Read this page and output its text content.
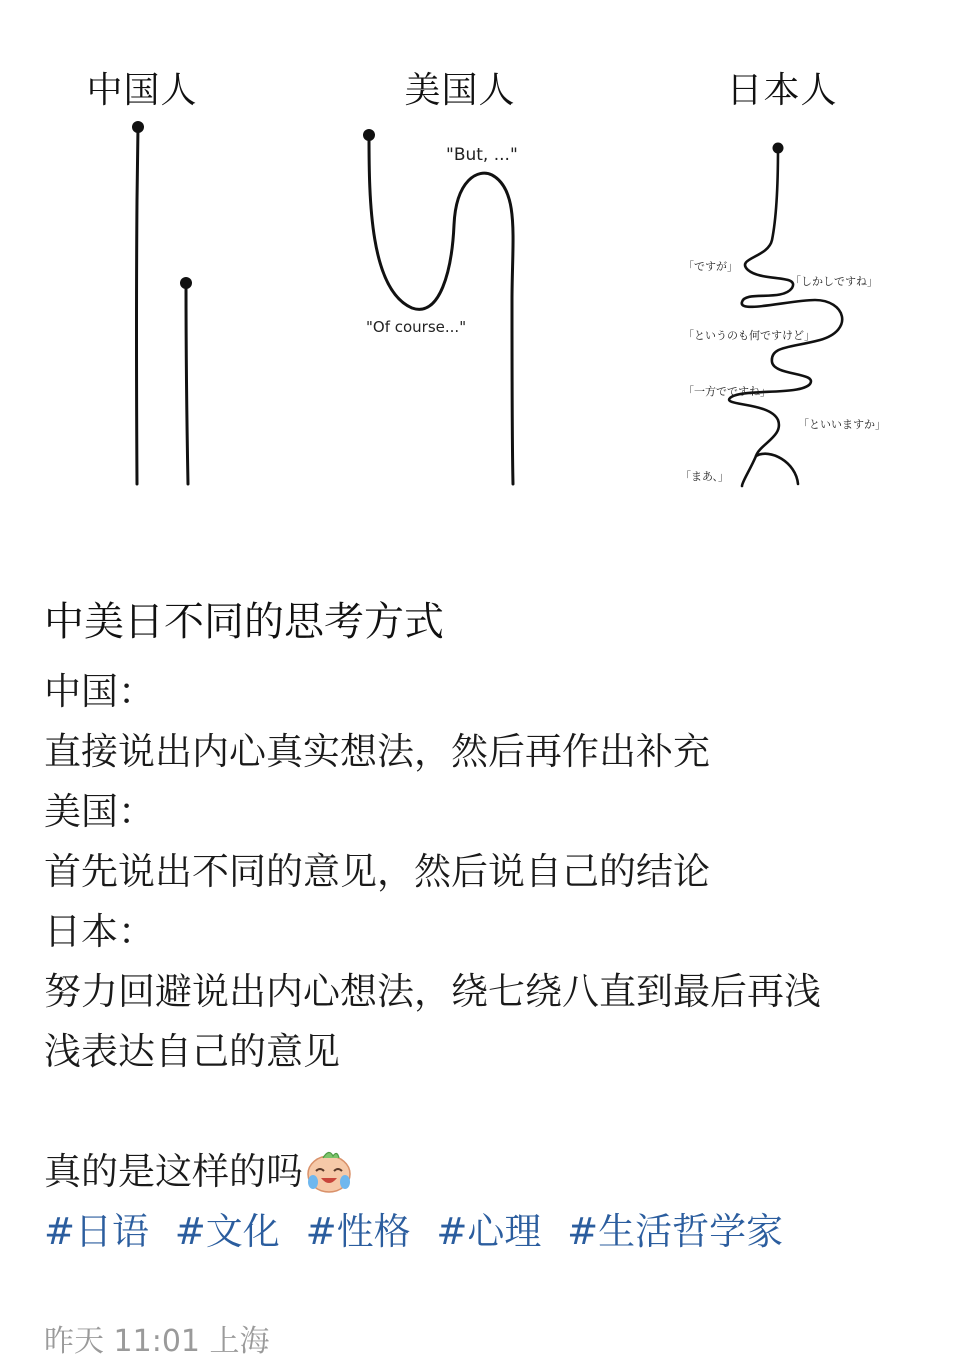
中国人	美国人	日本人
"But, ..."
"Of course..."
「ですが」
「しかしですね」
「というのも何ですけど」
「一方でですね」
「といいますか」
「まあ、」
中美日不同的思考方式
中国：
直接说出内心真实想法，然后再作出补充
美国：
首先说出不同的意见，然后说自己的结论
日本：
努力回避说出内心想法，绕七绕八直到最后再浅
浅表达自己的意见
真的是这样的吗
#日语 #文化 #性格 #心理 #生活哲学家
昨天 11:01 上海
